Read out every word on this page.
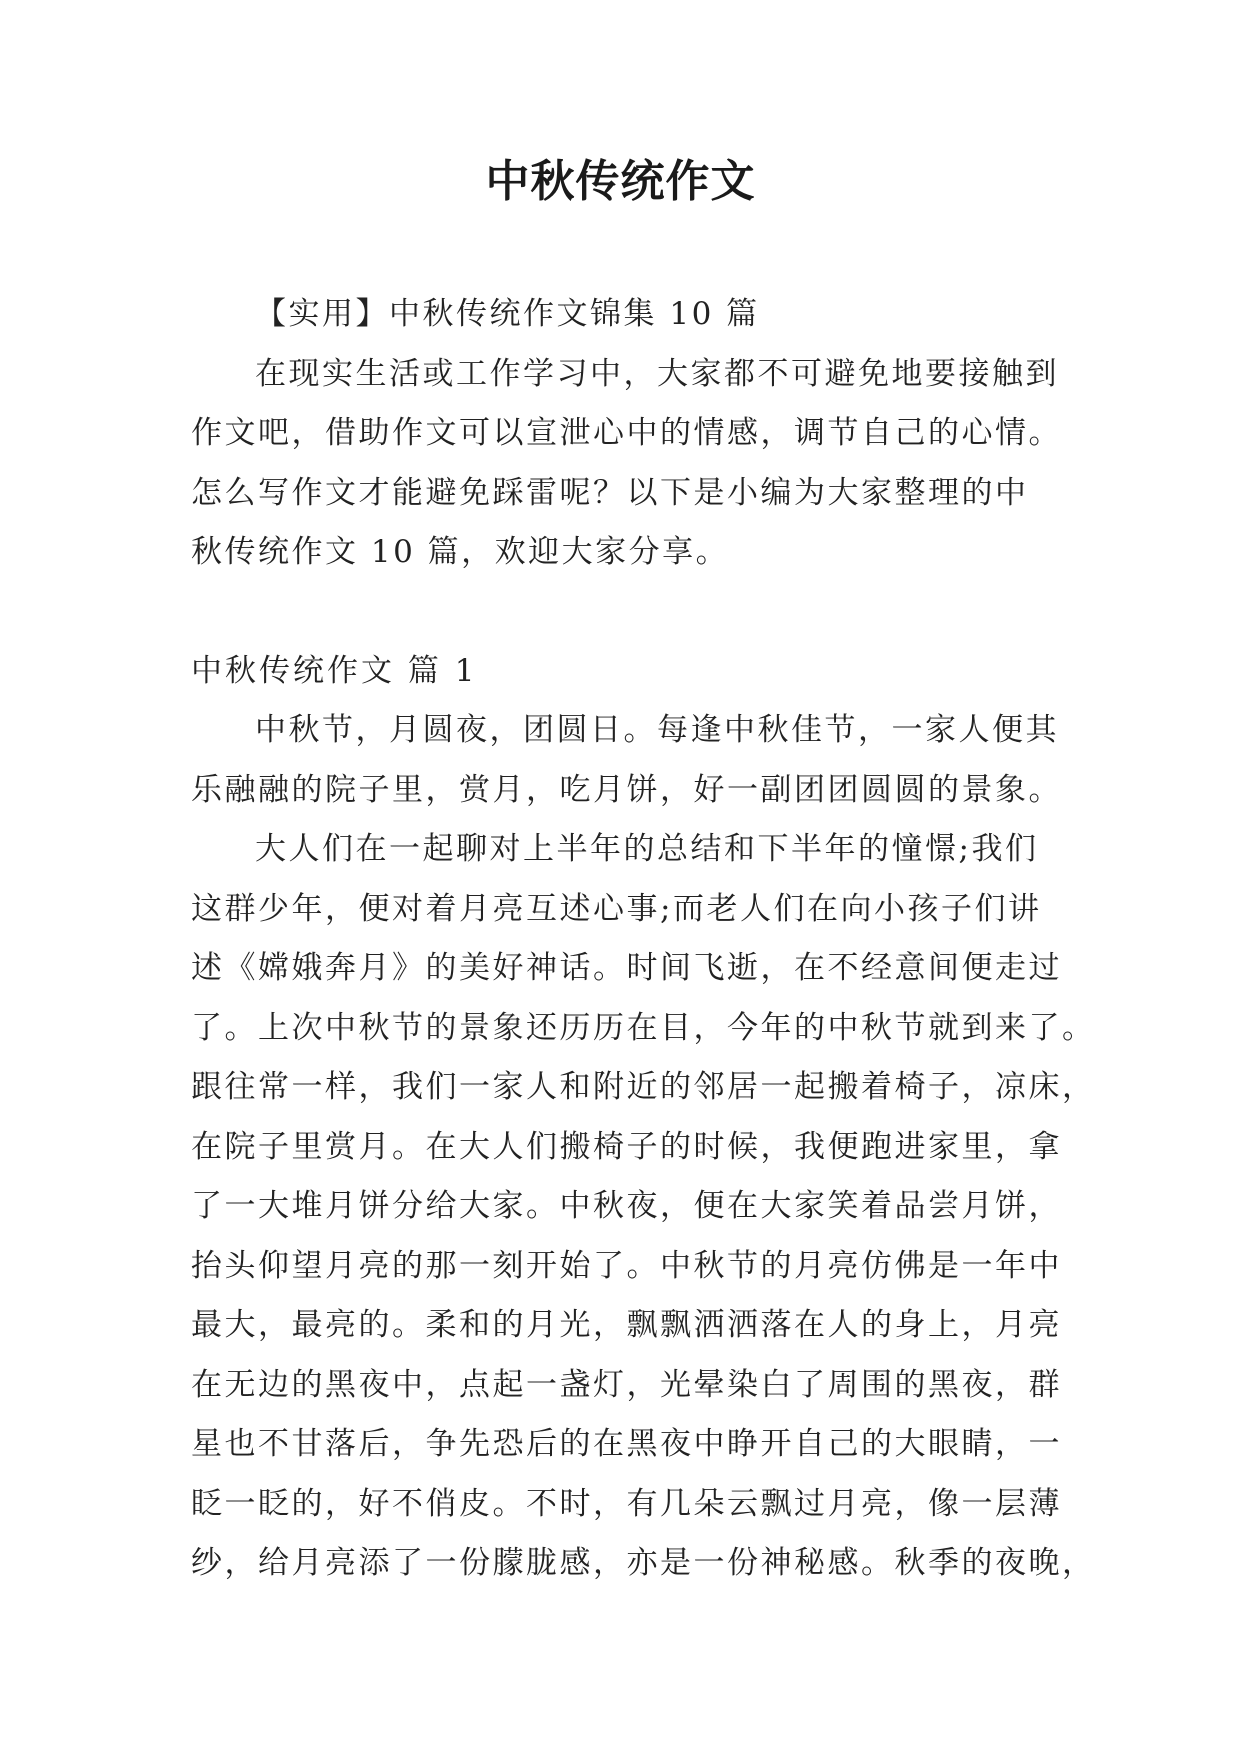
中秋传统作文
【实用】中秋传统作文锦集 10 篇
在现实生活或工作学习中，大家都不可避免地要接触到
作文吧，借助作文可以宣泄心中的情感，调节自己的心情。
怎么写作文才能避免踩雷呢？以下是小编为大家整理的中
秋传统作文 10 篇，欢迎大家分享。
中秋传统作文 篇 1
中秋节，月圆夜，团圆日。每逢中秋佳节，一家人便其
乐融融的院子里，赏月，吃月饼，好一副团团圆圆的景象。
大人们在一起聊对上半年的总结和下半年的憧憬;我们
这群少年，便对着月亮互述心事;而老人们在向小孩子们讲
述《嫦娥奔月》的美好神话。时间飞逝，在不经意间便走过
了。上次中秋节的景象还历历在目，今年的中秋节就到来了。
跟往常一样，我们一家人和附近的邻居一起搬着椅子，凉床，
在院子里赏月。在大人们搬椅子的时候，我便跑进家里，拿
了一大堆月饼分给大家。中秋夜，便在大家笑着品尝月饼，
抬头仰望月亮的那一刻开始了。中秋节的月亮仿佛是一年中
最大，最亮的。柔和的月光，飘飘洒洒落在人的身上，月亮
在无边的黑夜中，点起一盏灯，光晕染白了周围的黑夜，群
星也不甘落后，争先恐后的在黑夜中睁开自己的大眼睛，一
眨一眨的，好不俏皮。不时，有几朵云飘过月亮，像一层薄
纱，给月亮添了一份朦胧感，亦是一份神秘感。秋季的夜晚，
